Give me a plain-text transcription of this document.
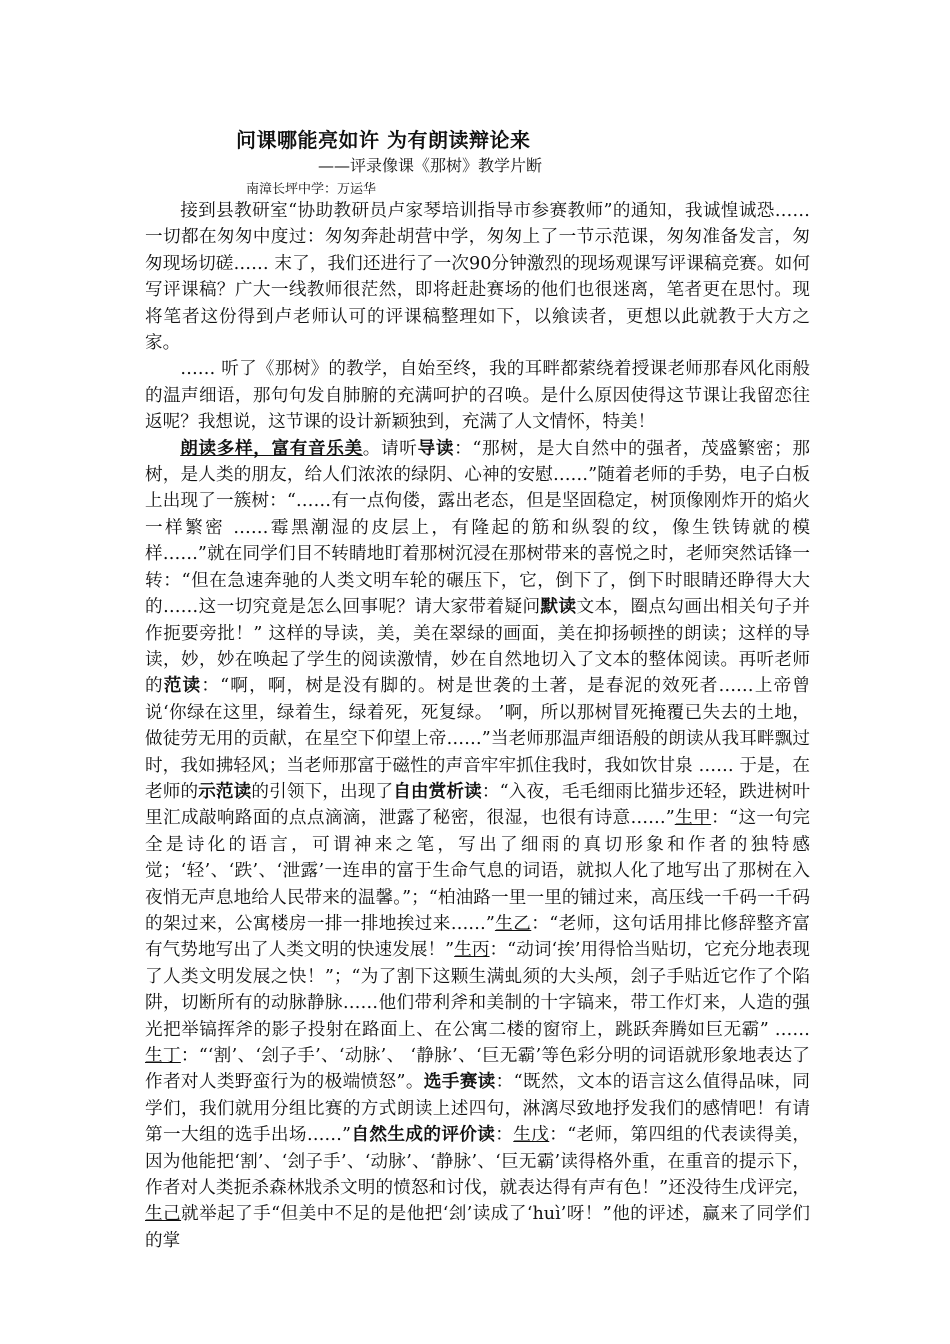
问课哪能亮如许 为有朗读辩论来
——评录像课《那树》教学片断
南漳长坪中学：万运华

接到县教研室“协助教研员卢家琴培训指导市参赛教师”的通知，我诚惶诚恐……一切都在匆匆中度过：匆匆奔赴胡营中学，匆匆上了一节示范课，匆匆准备发言，匆匆现场切磋…… 末了，我们还进行了一次90分钟激烈的现场观课写评课稿竞赛。如何写评课稿？广大一线教师很茫然，即将赶赴赛场的他们也很迷离，笔者更在思忖。现将笔者这份得到卢老师认可的评课稿整理如下，以飨读者，更想以此就教于大方之家。

…… 听了《那树》的教学，自始至终，我的耳畔都萦绕着授课老师那春风化雨般的温声细语，那句句发自肺腑的充满呵护的召唤。是什么原因使得这节课让我留恋往返呢？我想说，这节课的设计新颖独到，充满了人文情怀，特美！

朗读多样，富有音乐美。请听导读：“那树，是大自然中的强者，茂盛繁密；那树，是人类的朋友，给人们浓浓的绿阴、心神的安慰……”随着老师的手势，电子白板上出现了一簇树：“……有一点佝偻，露出老态，但是坚固稳定，树顶像刚炸开的焰火一样繁密 ……霉黑潮湿的皮层上，有隆起的筋和纵裂的纹，像生铁铸就的模样……”就在同学们目不转睛地盯着那树沉浸在那树带来的喜悦之时，老师突然话锋一转：“但在急速奔驰的人类文明车轮的碾压下，它，倒下了，倒下时眼睛还睁得大大的……这一切究竟是怎么回事呢？请大家带着疑问默读文本，圈点勾画出相关句子并作扼要旁批！” 这样的导读，美，美在翠绿的画面，美在抑扬顿挫的朗读；这样的导读，妙，妙在唤起了学生的阅读激情，妙在自然地切入了文本的整体阅读。再听老师的范读：“啊，啊，树是没有脚的。树是世袭的土著，是春泥的效死者……上帝曾说‘你绿在这里，绿着生，绿着死，死复绿。 ’啊，所以那树冒死掩覆已失去的土地，做徒劳无用的贡献，在星空下仰望上帝……”当老师那温声细语般的朗读从我耳畔飘过时，我如拂轻风；当老师那富于磁性的声音牢牢抓住我时，我如饮甘泉 …… 于是，在老师的示范读的引领下，出现了自由赏析读：“入夜，毛毛细雨比猫步还轻，跌进树叶里汇成敲响路面的点点滴滴，泄露了秘密，很湿，也很有诗意……”生甲：“这一句完全是诗化的语言，可谓神来之笔，写出了细雨的真切形象和作者的独特感觉；‘轻’、‘跌’、‘泄露’一连串的富于生命气息的词语，就拟人化了地写出了那树在入夜悄无声息地给人民带来的温馨。”；“柏油路一里一里的铺过来，高压线一千码一千码的架过来，公寓楼房一排一排地挨过来……”生乙：“老师，这句话用排比修辞整齐富有气势地写出了人类文明的快速发展！”生丙：“动词‘挨’用得恰当贴切，它充分地表现了人类文明发展之快！”；“为了割下这颗生满虬须的大头颅，刽子手贴近它作了个陷阱，切断所有的动脉静脉……他们带利斧和美制的十字镐来，带工作灯来，人造的强光把举镐挥斧的影子投射在路面上、在公寓二楼的窗帘上，跳跃奔腾如巨无霸” ……生丁：“‘割’、‘刽子手’、‘动脉’、 ‘静脉’、‘巨无霸’等色彩分明的词语就形象地表达了作者对人类野蛮行为的极端愤怒”。选手赛读：“既然，文本的语言这么值得品味，同学们，我们就用分组比赛的方式朗读上述四句，淋漓尽致地抒发我们的感情吧！有请第一大组的选手出场……”自然生成的评价读：生戊：“老师，第四组的代表读得美，因为他能把‘割’、‘刽子手’、‘动脉’、‘静脉’、‘巨无霸’读得格外重，在重音的提示下，作者对人类扼杀森林戕杀文明的愤怒和讨伐，就表达得有声有色！”还没待生戊评完，生己就举起了手“但美中不足的是他把‘刽’读成了‘huì’呀！”他的评述，赢来了同学们的掌
